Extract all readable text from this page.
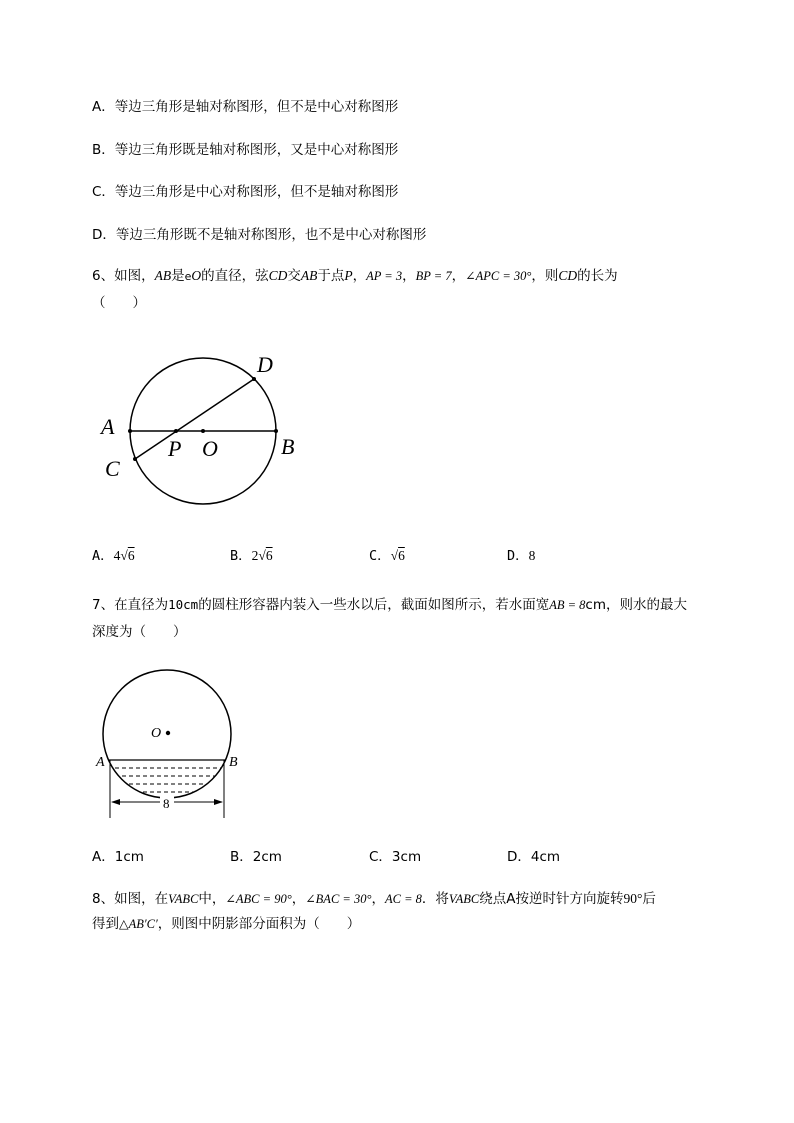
A．等边三角形是轴对称图形，但不是中心对称图形
B．等边三角形既是轴对称图形，又是中心对称图形
C．等边三角形是中心对称图形，但不是轴对称图形
D．等边三角形既不是轴对称图形，也不是中心对称图形
6、如图，AB是eO的直径，弦CD交AB于点P，AP = 3，BP = 7，∠APC = 30°，则CD的长为
（　　）
A
B
C
D
O
P
A．4√6	B．2√6	C．√6	D．8
7、在直径为10cm的圆柱形容器内装入一些水以后，截面如图所示，若水面宽AB = 8cm，则水的最大
深度为（　　）
O
A	B
8
A．1cm	B．2cm	C．3cm	D．4cm
8、如图，在VABC中，∠ABC = 90°，∠BAC = 30°，AC = 8．将VABC绕点A按逆时针方向旋转90°后
得到△AB′C′，则图中阴影部分面积为（　　）
